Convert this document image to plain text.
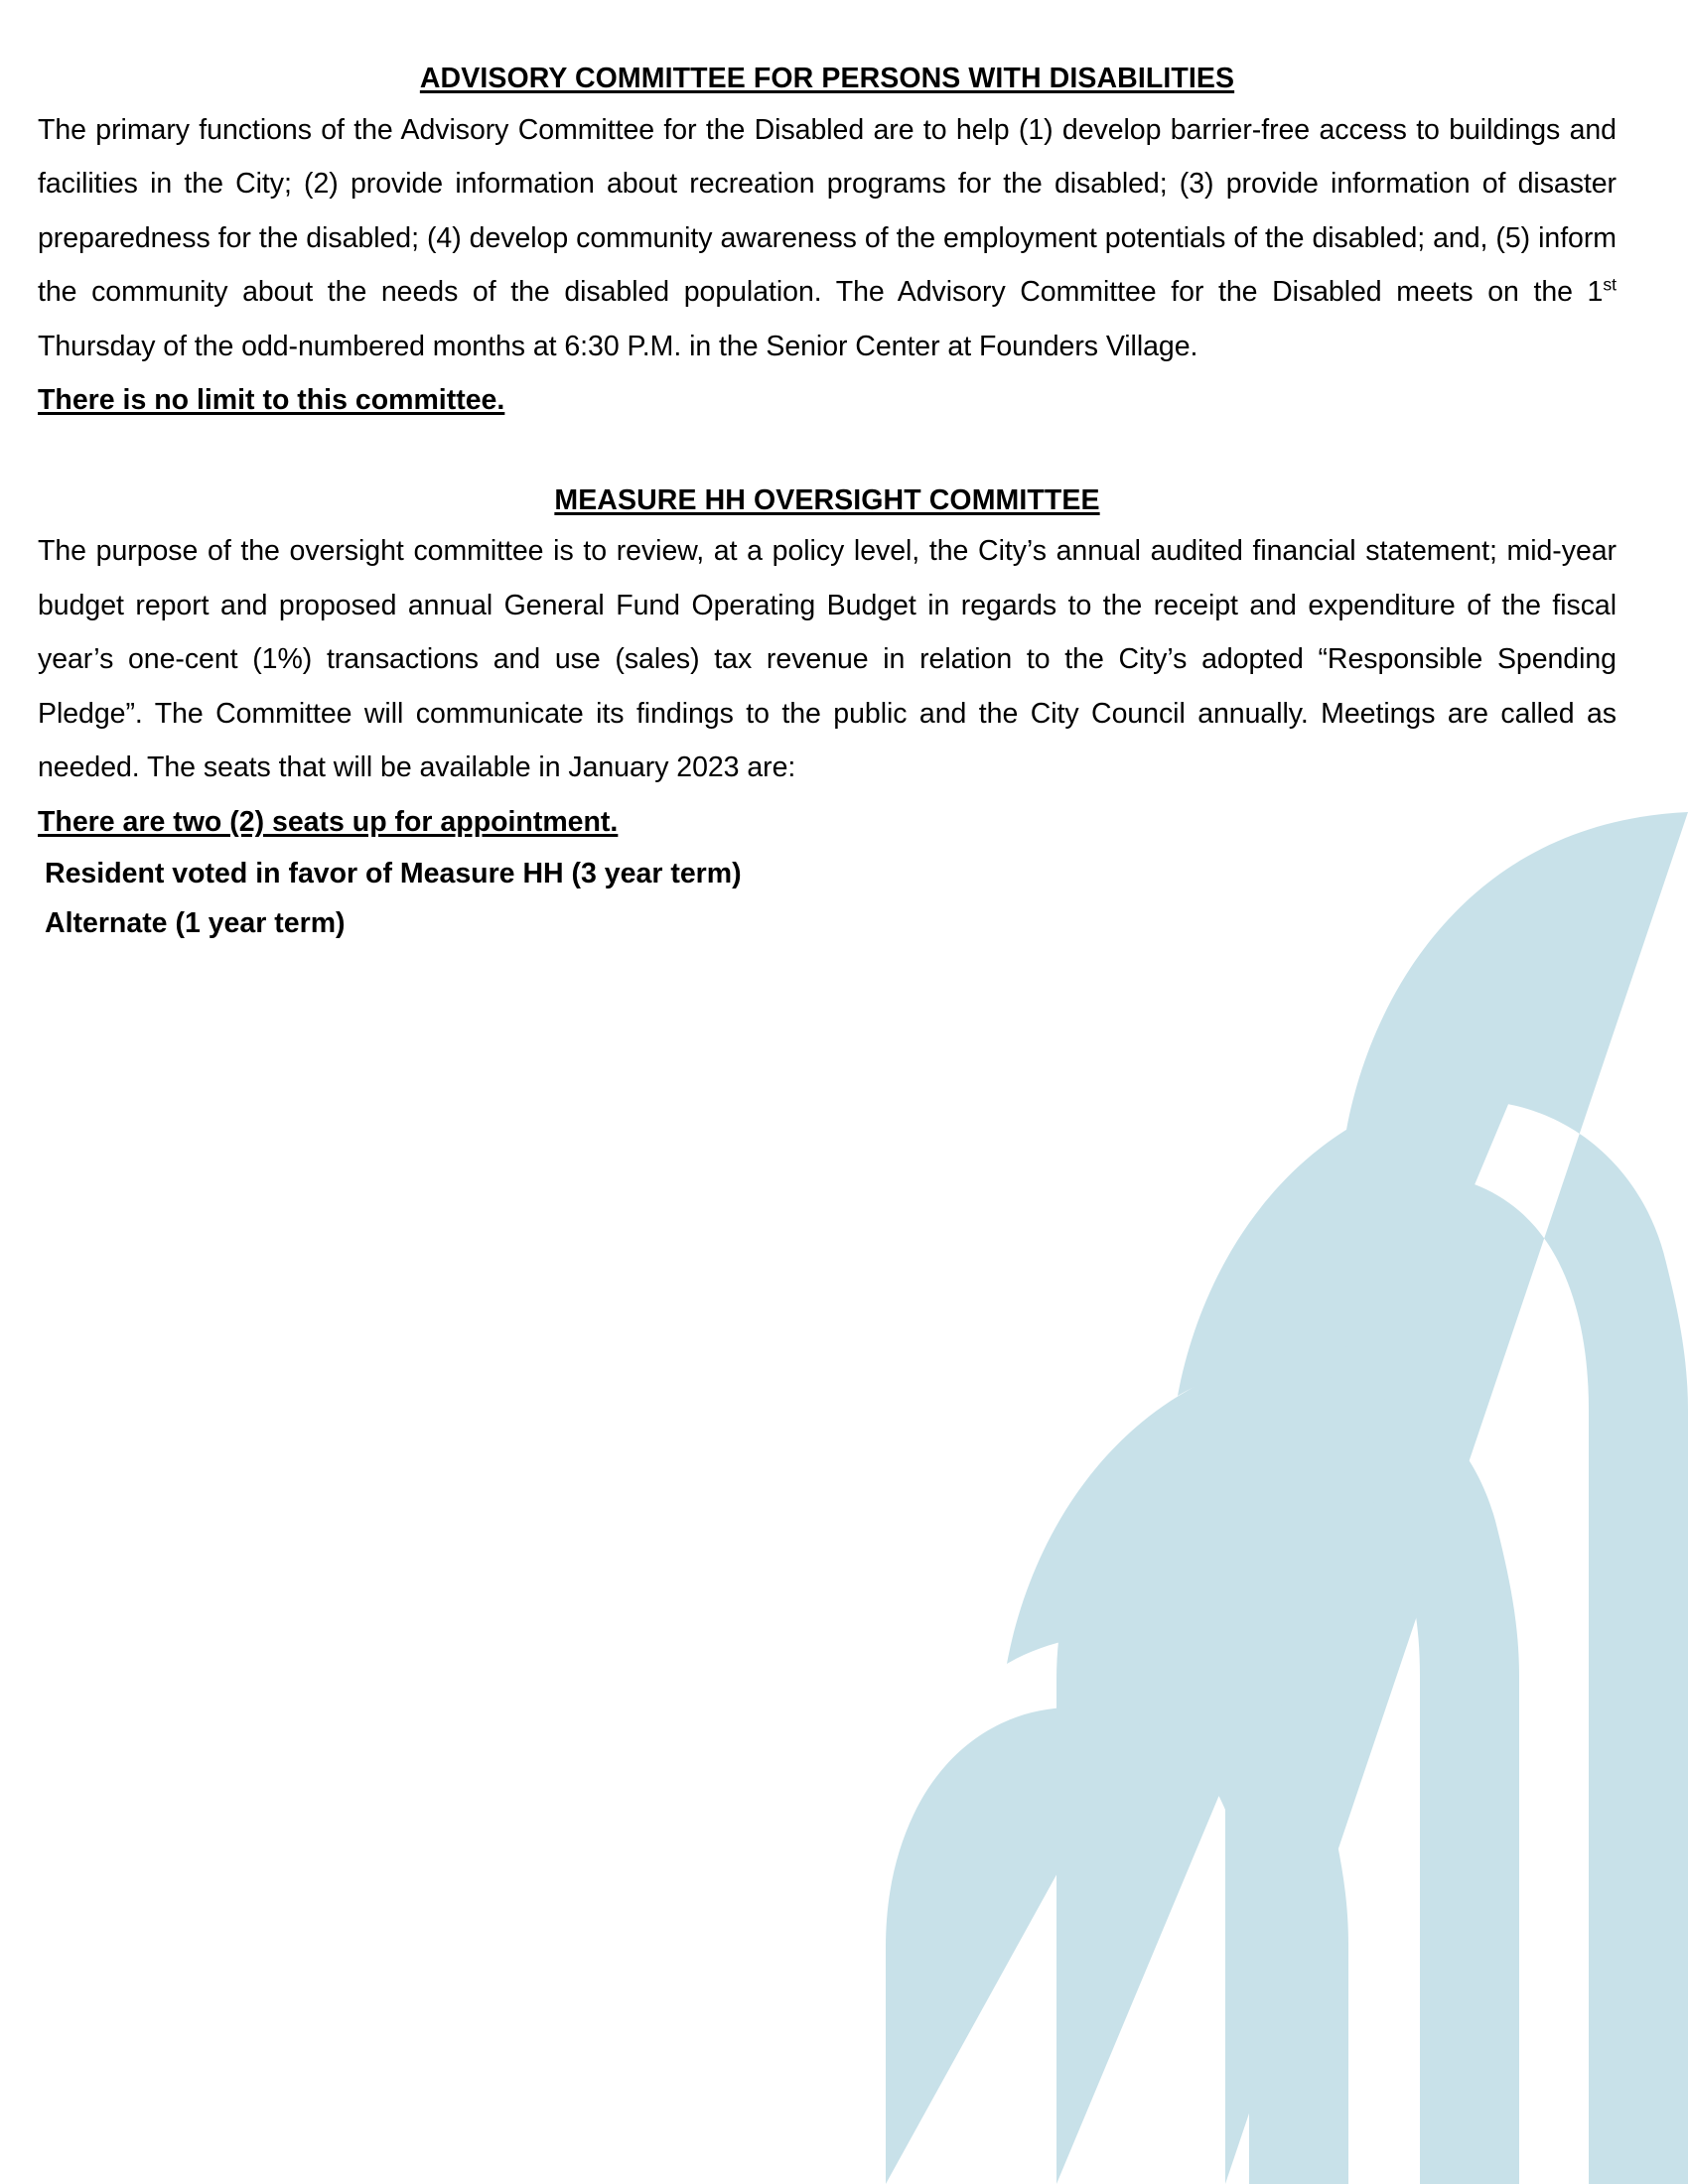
ADVISORY COMMITTEE FOR PERSONS WITH DISABILITIES

The primary functions of the Advisory Committee for the Disabled are to help (1) develop barrier-free access to buildings and facilities in the City; (2) provide information about recreation programs for the disabled; (3) provide information of disaster preparedness for the disabled; (4) develop community awareness of the employment potentials of the disabled; and, (5) inform the community about the needs of the disabled population. The Advisory Committee for the Disabled meets on the 1st Thursday of the odd-numbered months at 6:30 P.M. in the Senior Center at Founders Village.

There is no limit to this committee.

MEASURE HH OVERSIGHT COMMITTEE

The purpose of the oversight committee is to review, at a policy level, the City’s annual audited financial statement; mid-year budget report and proposed annual General Fund Operating Budget in regards to the receipt and expenditure of the fiscal year’s one-cent (1%) transactions and use (sales) tax revenue in relation to the City’s adopted “Responsible Spending Pledge”. The Committee will communicate its findings to the public and the City Council annually. Meetings are called as needed. The seats that will be available in January 2023 are:

There are two (2) seats up for appointment.

Resident voted in favor of Measure HH (3 year term)

Alternate (1 year term)
